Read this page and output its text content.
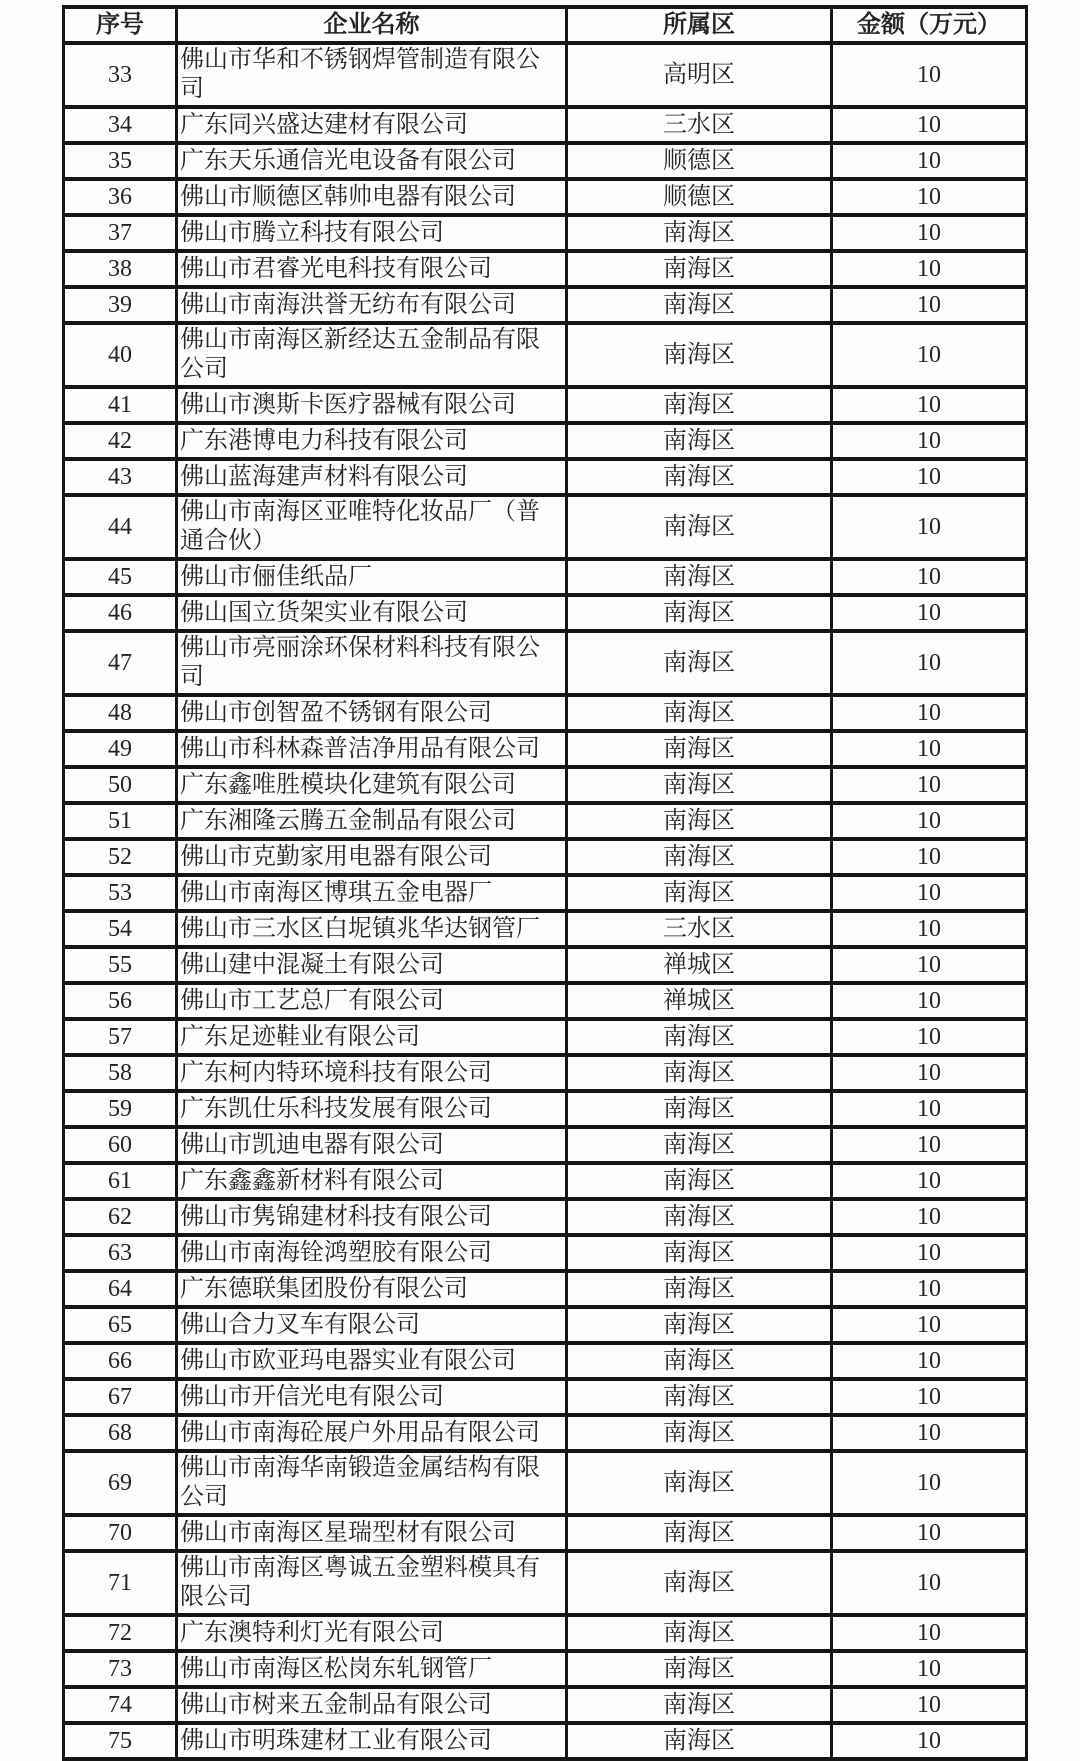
序号	企业名称	所属区	金额（万元）
33	佛山市华和不锈钢焊管制造有限公司	高明区	10
34	广东同兴盛达建材有限公司	三水区	10
35	广东天乐通信光电设备有限公司	顺德区	10
36	佛山市顺德区韩帅电器有限公司	顺德区	10
37	佛山市腾立科技有限公司	南海区	10
38	佛山市君睿光电科技有限公司	南海区	10
39	佛山市南海洪誉无纺布有限公司	南海区	10
40	佛山市南海区新经达五金制品有限公司	南海区	10
41	佛山市澳斯卡医疗器械有限公司	南海区	10
42	广东港博电力科技有限公司	南海区	10
43	佛山蓝海建声材料有限公司	南海区	10
44	佛山市南海区亚唯特化妆品厂（普通合伙）	南海区	10
45	佛山市俪佳纸品厂	南海区	10
46	佛山国立货架实业有限公司	南海区	10
47	佛山市亮丽涂环保材料科技有限公司	南海区	10
48	佛山市创智盈不锈钢有限公司	南海区	10
49	佛山市科林森普洁净用品有限公司	南海区	10
50	广东鑫唯胜模块化建筑有限公司	南海区	10
51	广东湘隆云腾五金制品有限公司	南海区	10
52	佛山市克勤家用电器有限公司	南海区	10
53	佛山市南海区博琪五金电器厂	南海区	10
54	佛山市三水区白坭镇兆华达钢管厂	三水区	10
55	佛山建中混凝土有限公司	禅城区	10
56	佛山市工艺总厂有限公司	禅城区	10
57	广东足迹鞋业有限公司	南海区	10
58	广东柯内特环境科技有限公司	南海区	10
59	广东凯仕乐科技发展有限公司	南海区	10
60	佛山市凯迪电器有限公司	南海区	10
61	广东鑫鑫新材料有限公司	南海区	10
62	佛山市隽锦建材科技有限公司	南海区	10
63	佛山市南海铨鸿塑胶有限公司	南海区	10
64	广东德联集团股份有限公司	南海区	10
65	佛山合力叉车有限公司	南海区	10
66	佛山市欧亚玛电器实业有限公司	南海区	10
67	佛山市开信光电有限公司	南海区	10
68	佛山市南海砼展户外用品有限公司	南海区	10
69	佛山市南海华南锻造金属结构有限公司	南海区	10
70	佛山市南海区星瑞型材有限公司	南海区	10
71	佛山市南海区粤诚五金塑料模具有限公司	南海区	10
72	广东澳特利灯光有限公司	南海区	10
73	佛山市南海区松岗东轧钢管厂	南海区	10
74	佛山市树来五金制品有限公司	南海区	10
75	佛山市明珠建材工业有限公司	南海区	10
